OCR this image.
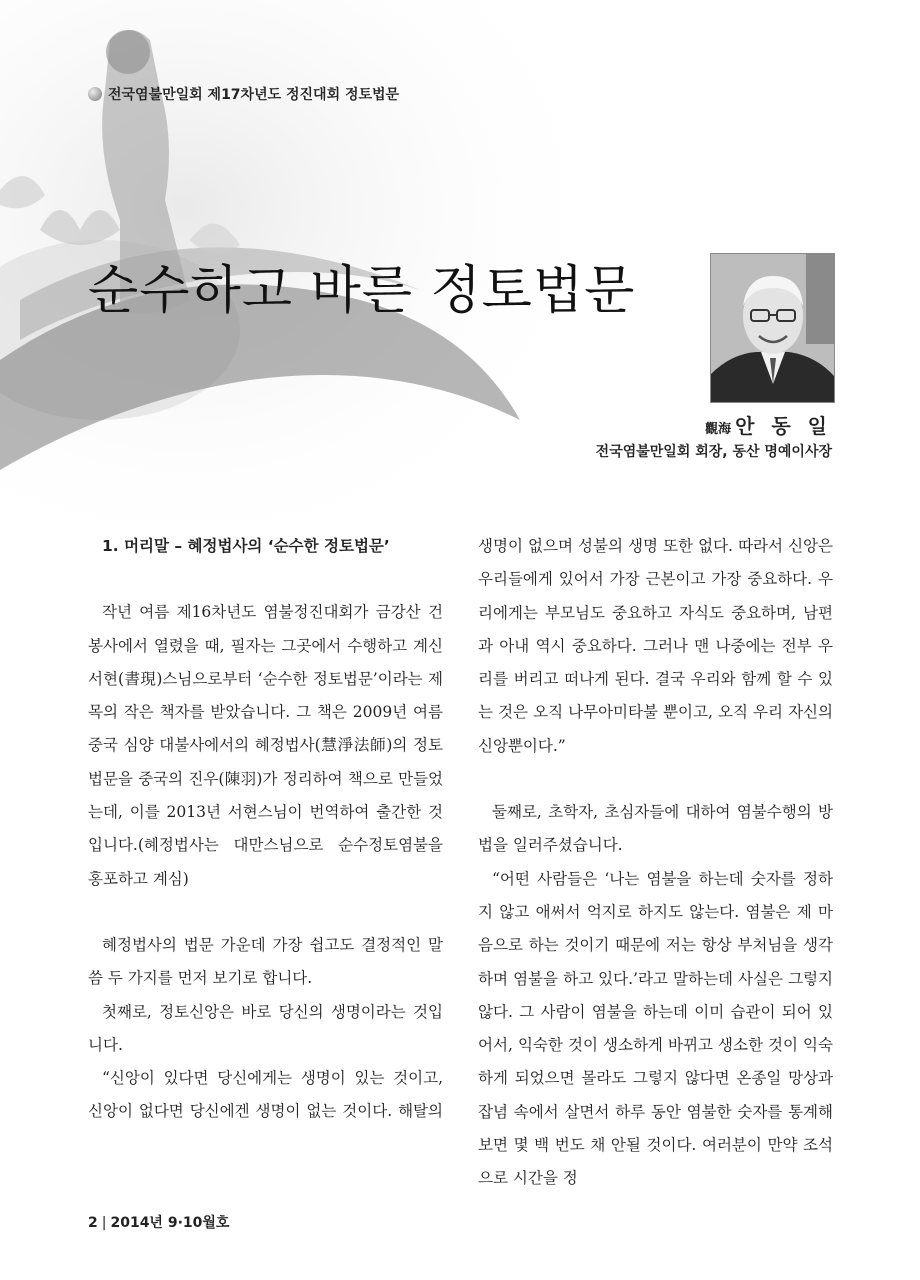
전국염불만일회 제17차년도 정진대회 정토법문
순수하고 바른 정토법문
觀海 안 동 일
전국염불만일회 회장, 동산 명예이사장

1. 머리말 – 혜정법사의 ‘순수한 정토법문’

작년 여름 제16차년도 염불정진대회가 금강산 건봉사에서 열렸을 때, 필자는 그곳에서 수행하고 계신 서현(書現)스님으로부터 ‘순수한 정토법문’이라는 제목의 작은 책자를 받았습니다. 그 책은 2009년 여름 중국 심양 대불사에서의 혜정법사(慧淨法師)의 정토법문을 중국의 진우(陳羽)가 정리하여 책으로 만들었는데, 이를 2013년 서현스님이 번역하여 출간한 것입니다.(혜정법사는 대만스님으로 순수정토염불을 홍포하고 계심)

혜정법사의 법문 가운데 가장 쉽고도 결정적인 말씀 두 가지를 먼저 보기로 합니다.

첫째로, 정토신앙은 바로 당신의 생명이라는 것입니다.

“신앙이 있다면 당신에게는 생명이 있는 것이고, 신앙이 없다면 당신에겐 생명이 없는 것이다. 해탈의

생명이 없으며 성불의 생명 또한 없다. 따라서 신앙은 우리들에게 있어서 가장 근본이고 가장 중요하다. 우리에게는 부모님도 중요하고 자식도 중요하며, 남편과 아내 역시 중요하다. 그러나 맨 나중에는 전부 우리를 버리고 떠나게 된다. 결국 우리와 함께 할 수 있는 것은 오직 나무아미타불 뿐이고, 오직 우리 자신의 신앙뿐이다.”

둘째로, 초학자, 초심자들에 대하여 염불수행의 방법을 일러주셨습니다.

“어떤 사람들은 ‘나는 염불을 하는데 숫자를 정하지 않고 애써서 억지로 하지도 않는다. 염불은 제 마음으로 하는 것이기 때문에 저는 항상 부처님을 생각하며 염불을 하고 있다.’라고 말하는데 사실은 그렇지 않다. 그 사람이 염불을 하는데 이미 습관이 되어 있어서, 익숙한 것이 생소하게 바뀌고 생소한 것이 익숙하게 되었으면 몰라도 그렇지 않다면 온종일 망상과 잡념 속에서 살면서 하루 동안 염불한 숫자를 통계해보면 몇 백 번도 채 안될 것이다. 여러분이 만약 조석으로 시간을 정

2 | 2014년 9·10월호
